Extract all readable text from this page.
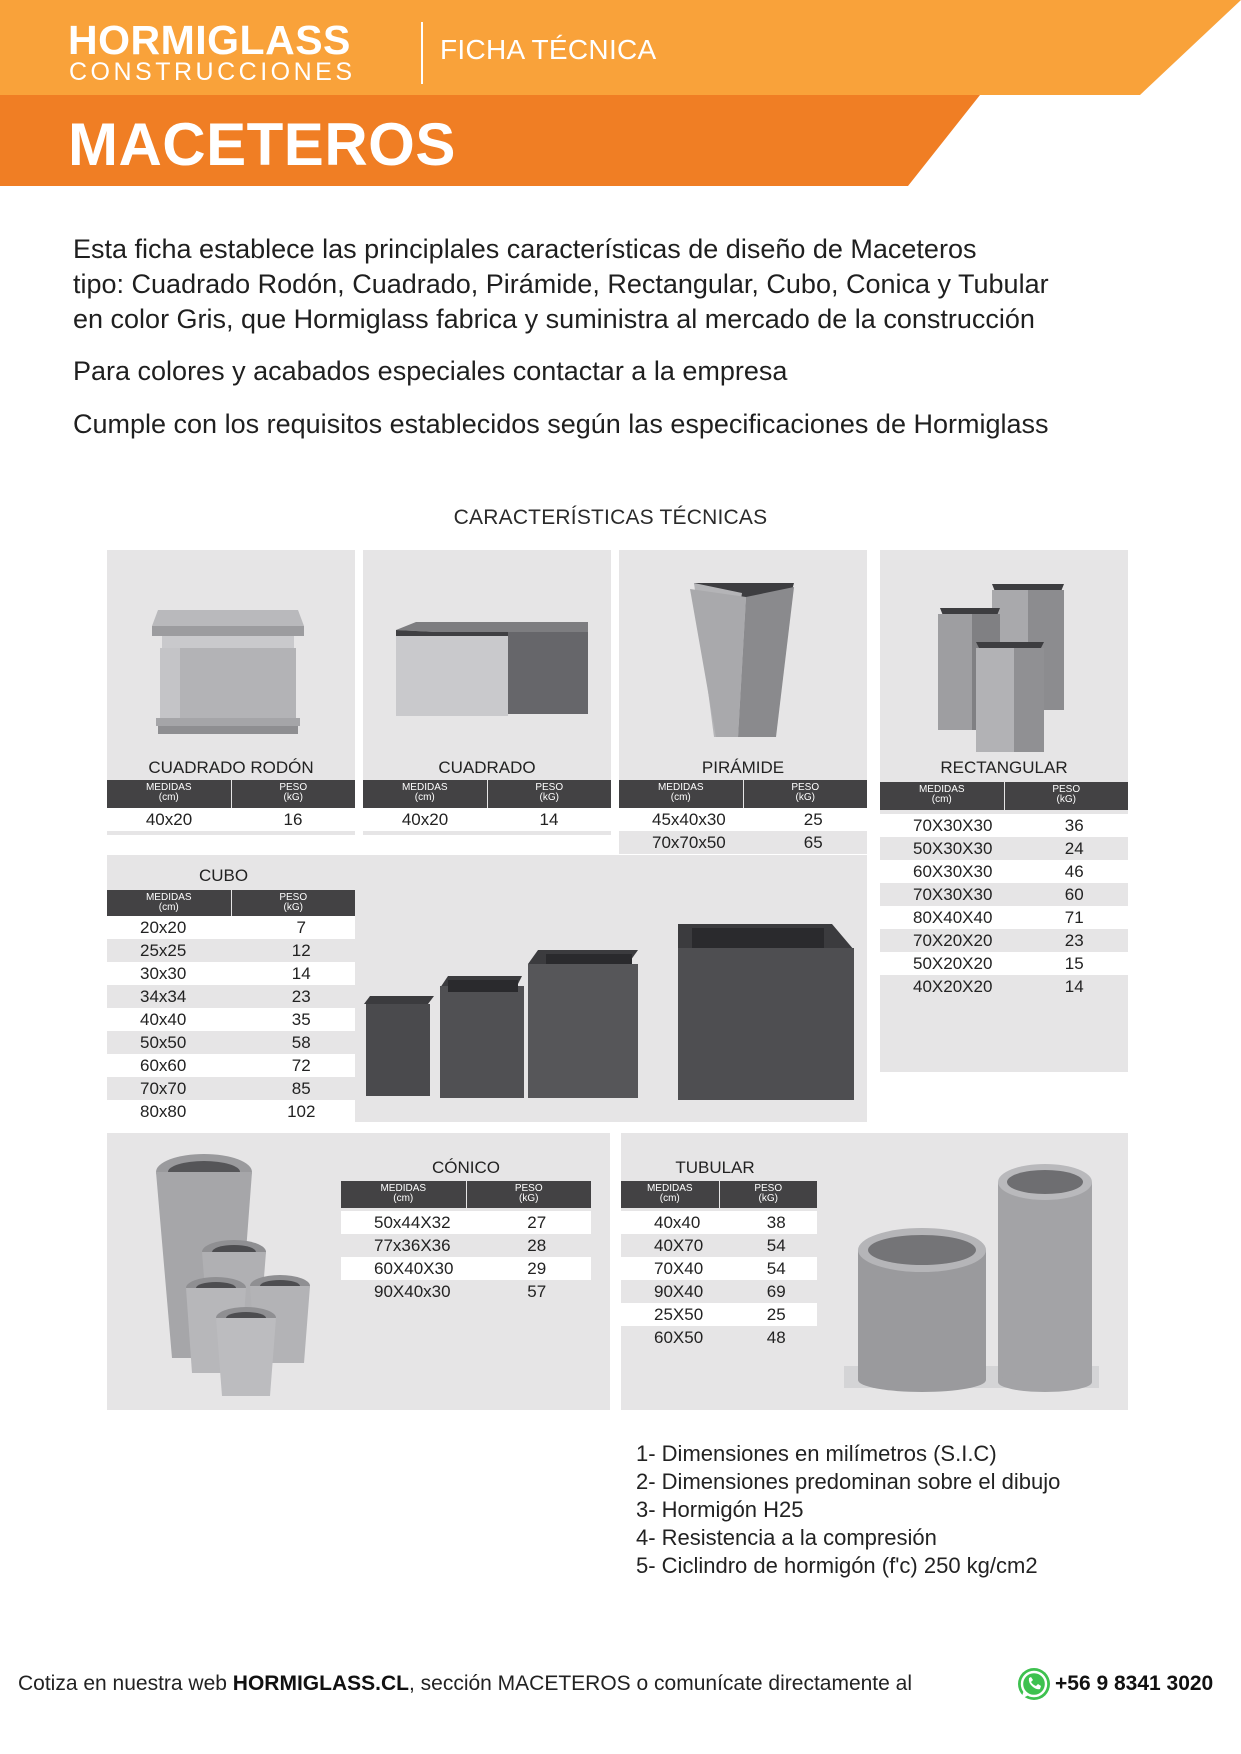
HORMIGLASS
CONSTRUCCIONES
FICHA TÉCNICA
MACETEROS
Esta ficha establece las principlales características de diseño de Maceteros
tipo: Cuadrado Rodón, Cuadrado, Pirámide, Rectangular, Cubo, Conica y Tubular
en color Gris, que Hormiglass fabrica y suministra al mercado de la construcción
Para colores y acabados especiales contactar a la empresa
Cumple con los requisitos establecidos según las especificaciones de Hormiglass
CARACTERÍSTICAS TÉCNICAS
CUADRADO RODÓN
MEDIDAS
(cm)
PESO
(kG)
40x20	16
CUADRADO
MEDIDAS
(cm)
PESO
(kG)
40x20	14
PIRÁMIDE
MEDIDAS
(cm)
PESO
(kG)
45x40x30	25
70x70x50	65
RECTANGULAR
MEDIDAS
(cm)
PESO
(kG)
70X30X30	36
50X30X30	24
60X30X30	46
70X30X30	60
80X40X40	71
70X20X20	23
50X20X20	15
40X20X20	14
CUBO
MEDIDAS
(cm)
PESO
(kG)
20x20	7
25x25	12
30x30	14
34x34	23
40x40	35
50x50	58
60x60	72
70x70	85
80x80	102
CÓNICO
MEDIDAS
(cm)
PESO
(kG)
50x44X32	27
77x36X36	28
60X40X30	29
90X40x30	57
TUBULAR
MEDIDAS
(cm)
PESO
(kG)
40x40	38
40X70	54
70X40	54
90X40	69
25X50	25
60X50	48
1- Dimensiones en milímetros (S.I.C)
2- Dimensiones predominan sobre el dibujo
3- Hormigón H25
4- Resistencia a la compresión
5- Ciclindro de hormigón (f'c) 250 kg/cm2
Cotiza en nuestra web HORMIGLASS.CL, sección MACETEROS o comunícate directamente al	+56 9 8341 3020
